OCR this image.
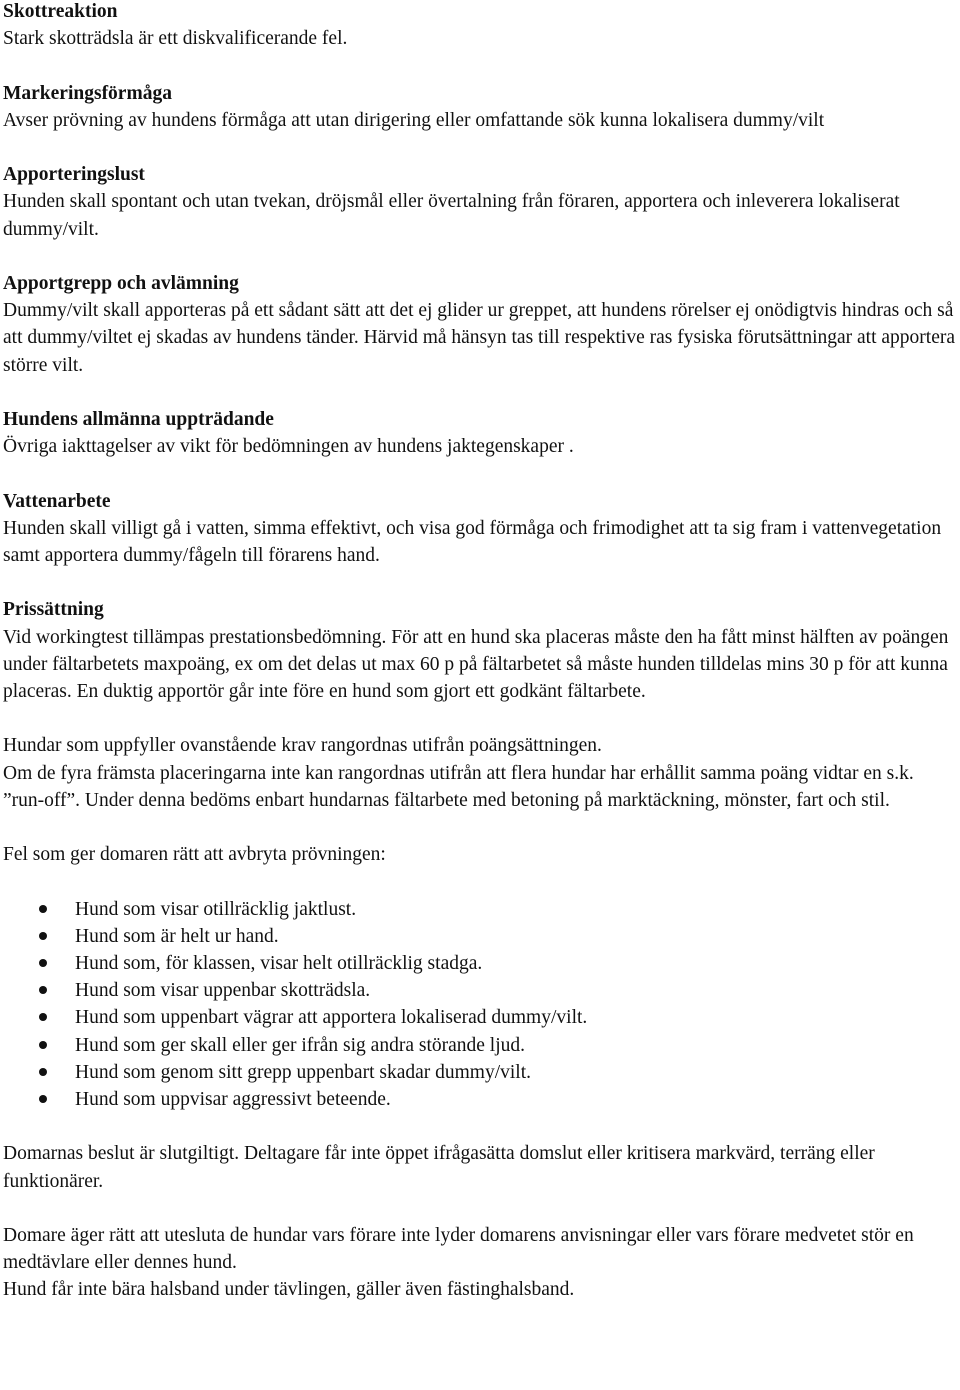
Skottreaktion
Stark skotträdsla är ett diskvalificerande fel.
Markeringsförmåga
Avser prövning av hundens förmåga att utan dirigering eller omfattande sök kunna lokalisera dummy/vilt
Apporteringslust
Hunden skall spontant och utan tvekan, dröjsmål eller övertalning från föraren, apportera och inleverera lokaliserat dummy/vilt.
Apportgrepp och avlämning
Dummy/vilt skall apporteras på ett sådant sätt att det ej glider ur greppet, att hundens rörelser ej onödigtvis hindras och så att dummy/viltet ej skadas av hundens tänder. Härvid må hänsyn tas till respektive ras fysiska förutsättningar att apportera större vilt.
Hundens allmänna uppträdande
Övriga iakttagelser av vikt för bedömningen av hundens jaktegenskaper .
Vattenarbete
Hunden skall villigt gå i vatten, simma effektivt, och visa god förmåga och frimodighet att ta sig fram i vattenvegetation samt apportera dummy/fågeln till förarens hand.
Prissättning
Vid workingtest tillämpas prestationsbedömning. För att en hund ska placeras måste den ha fått minst hälften av poängen under fältarbetets maxpoäng, ex om det delas ut max 60 p på fältarbetet så måste hunden tilldelas mins 30 p för att kunna placeras. En duktig apportör går inte före en hund som gjort ett godkänt fältarbete.
Hundar som uppfyller ovanstående krav rangordnas utifrån poängsättningen.
Om de fyra främsta placeringarna inte kan rangordnas utifrån att flera hundar har erhållit samma poäng vidtar en s.k. ”run-off”. Under denna bedöms enbart hundarnas fältarbete med betoning på marktäckning, mönster, fart och stil.
Fel som ger domaren rätt att avbryta prövningen:
Hund som visar otillräcklig jaktlust.
Hund som är helt ur hand.
Hund som, för klassen, visar helt otillräcklig stadga.
Hund som visar uppenbar skotträdsla.
Hund som uppenbart vägrar att apportera lokaliserad dummy/vilt.
Hund som ger skall eller ger ifrån sig andra störande ljud.
Hund som genom sitt grepp uppenbart skadar dummy/vilt.
Hund som uppvisar aggressivt beteende.
Domarnas beslut är slutgiltigt. Deltagare får inte öppet ifrågasätta domslut eller kritisera markvärd, terräng eller funktionärer.
Domare äger rätt att utesluta de hundar vars förare inte lyder domarens anvisningar eller vars förare medvetet stör en medtävlare eller dennes hund.
Hund får inte bära halsband under tävlingen, gäller även fästinghalsband.
